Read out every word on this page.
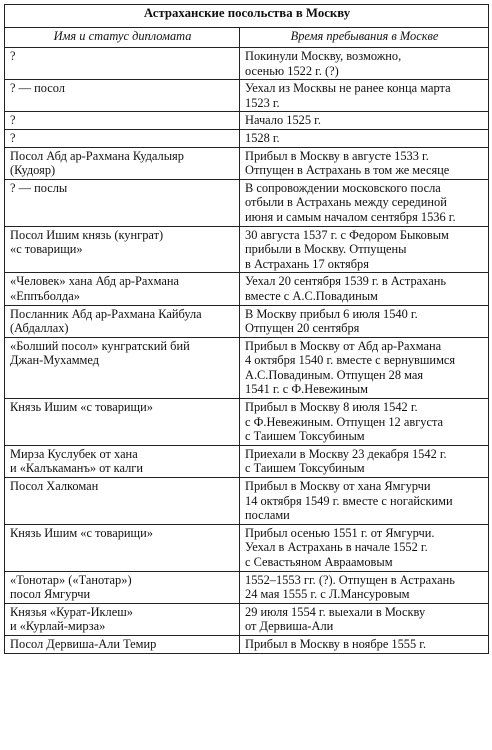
Астраханские посольства в Москву	
Имя и статус дипломата	Время пребывания в Москве

?	Покинули Москву, возможно,
осенью 1522 г. (?)

? — посол	Уехал из Москвы не ранее конца марта
1523 г.

?	Начало 1525 г.

?	1528 г.

Посол Абд ар-Рахмана Кудалыяр
(Кудояр)	Прибыл в Москву в августе 1533 г.
Отпущен в Астрахань в том же месяце

? — послы	В сопровождении московского посла
отбыли в Астрахань между серединой
июня и самым началом сентября 1536 г.

Посол Ишим князь (кунграт)
«с товарищи»	30 августа 1537 г. с Федором Быковым
прибыли в Москву. Отпущены
в Астрахань 17 октября

«Человек» хана Абд ар-Рахмана
«Еппъболда»	Уехал 20 сентября 1539 г. в Астрахань
вместе с А.С.Повадиным

Посланник Абд ар-Рахмана Кайбула
(Абдаллах)	В Москву прибыл 6 июля 1540 г.
Отпущен 20 сентября

«Болший посол» кунгратский бий
Джан-Мухаммед	Прибыл в Москву от Абд ар-Рахмана
4 октября 1540 г. вместе с вернувшимся
А.С.Повадиным. Отпущен 28 мая
1541 г. с Ф.Невежиным

Князь Ишим «с товарищи»	Прибыл в Москву 8 июля 1542 г.
с Ф.Невежиным. Отпущен 12 августа
с Таишем Токсубиным

Мирза Куслубек от хана
и «Калъкаманъ» от калги	Приехали в Москву 23 декабря 1542 г.
с Таишем Токсубиным

Посол Халкоман	Прибыл в Москву от хана Ямгурчи
14 октября 1549 г. вместе с ногайскими
послами

Князь Ишим «с товарищи»	Прибыл осенью 1551 г. от Ямгурчи.
Уехал в Астрахань в начале 1552 г.
с Севастьяном Авраамовым

«Тонотар» («Танотар»)
посол Ямгурчи	1552–1553 гг. (?). Отпущен в Астрахань
24 мая 1555 г. с Л.Мансуровым

Князья «Курат-Иклеш»
и «Курлай-мирза»	29 июля 1554 г. выехали в Москву
от Дервиша-Али

Посол Дервиша-Али Темир	Прибыл в Москву в ноябре 1555 г.
